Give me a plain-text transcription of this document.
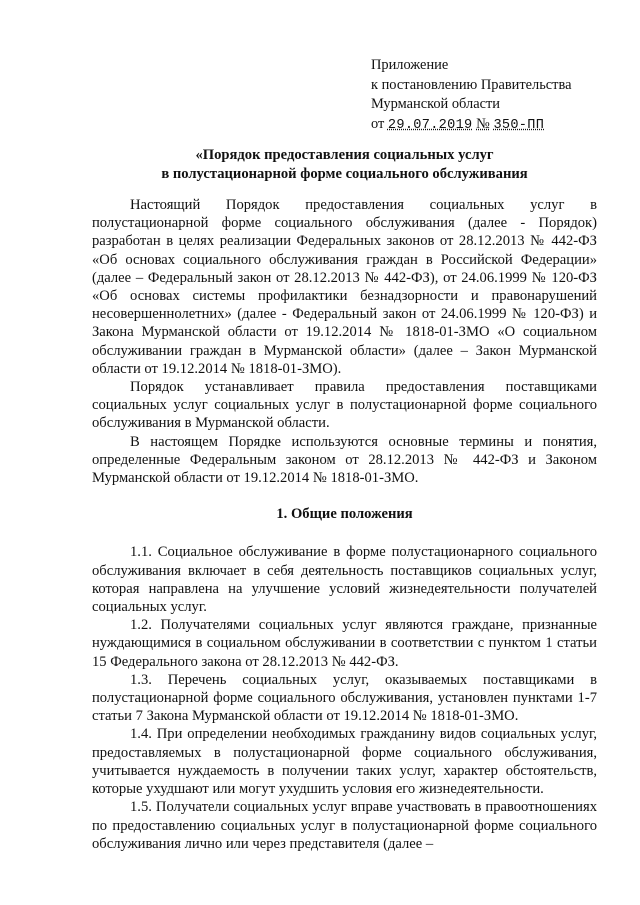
Приложение
к постановлению Правительства
Мурманской области
от 29.07.2019 № 350-ПП
«Порядок предоставления социальных услуг
в полустационарной форме социального обслуживания

Настоящий Порядок предоставления социальных услуг в полустационарной форме социального обслуживания (далее - Порядок) разработан в целях реализации Федеральных законов от 28.12.2013 № 442-ФЗ «Об основах социального обслуживания граждан в Российской Федерации» (далее – Федеральный закон от 28.12.2013 № 442-ФЗ), от 24.06.1999 № 120-ФЗ «Об основах системы профилактики безнадзорности и правонарушений несовершеннолетних» (далее - Федеральный закон от 24.06.1999 № 120-ФЗ) и Закона Мурманской области от 19.12.2014 № 1818-01-ЗМО «О социальном обслуживании граждан в Мурманской области» (далее – Закон Мурманской области от 19.12.2014 № 1818-01-ЗМО).

Порядок устанавливает правила предоставления поставщиками социальных услуг социальных услуг в полустационарной форме социального обслуживания в Мурманской области.

В настоящем Порядке используются основные термины и понятия, определенные Федеральным законом от 28.12.2013 № 442-ФЗ и Законом Мурманской области от 19.12.2014 № 1818-01-ЗМО.

1. Общие положения

1.1. Социальное обслуживание в форме полустационарного социального обслуживания включает в себя деятельность поставщиков социальных услуг, которая направлена на улучшение условий жизнедеятельности получателей социальных услуг.

1.2. Получателями социальных услуг являются граждане, признанные нуждающимися в социальном обслуживании в соответствии с пунктом 1 статьи 15 Федерального закона от 28.12.2013 № 442-ФЗ.

1.3. Перечень социальных услуг, оказываемых поставщиками в полустационарной форме социального обслуживания, установлен пунктами 1-7 статьи 7 Закона Мурманской области от 19.12.2014 № 1818-01-ЗМО.

1.4. При определении необходимых гражданину видов социальных услуг, предоставляемых в полустационарной форме социального обслуживания, учитывается нуждаемость в получении таких услуг, характер обстоятельств, которые ухудшают или могут ухудшить условия его жизнедеятельности.

1.5. Получатели социальных услуг вправе участвовать в правоотношениях по предоставлению социальных услуг в полустационарной форме социального обслуживания лично или через представителя (далее –
